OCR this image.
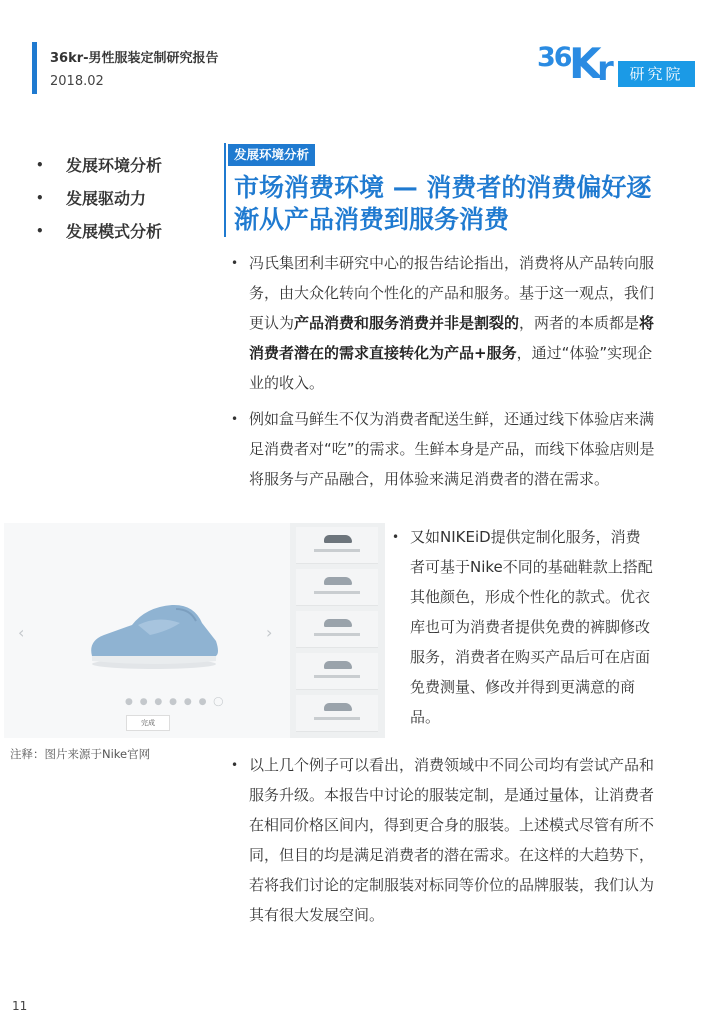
36kr-男性服装定制研究报告
2018.02
36
K
r	研究院
•	发展环境分析
•	发展驱动力
•	发展模式分析
发展环境分析
市场消费环境 — 消费者的消费偏好逐渐从产品消费到服务消费
• 冯氏集团利丰研究中心的报告结论指出，消费将从产品转向服务，由大众化转向个性化的产品和服务。基于这一观点，我们更认为产品消费和服务消费并非是割裂的，两者的本质都是将消费者潜在的需求直接转化为产品+服务，通过“体验”实现企业的收入。
• 例如盒马鲜生不仅为消费者配送生鲜，还通过线下体验店来满足消费者对“吃”的需求。生鲜本身是产品，而线下体验店则是将服务与产品融合，用体验来满足消费者的潜在需求。
‹	›
● ● ● ● ● ● ◯
完成
• 又如NIKEiD提供定制化服务，消费者可基于Nike不同的基础鞋款上搭配其他颜色，形成个性化的款式。优衣库也可为消费者提供免费的裤脚修改服务，消费者在购买产品后可在店面免费测量、修改并得到更满意的商品。
注释：图片来源于Nike官网
• 以上几个例子可以看出，消费领域中不同公司均有尝试产品和服务升级。本报告中讨论的服装定制，是通过量体，让消费者在相同价格区间内，得到更合身的服装。上述模式尽管有所不同，但目的均是满足消费者的潜在需求。在这样的大趋势下，若将我们讨论的定制服装对标同等价位的品牌服装，我们认为其有很大发展空间。
11
